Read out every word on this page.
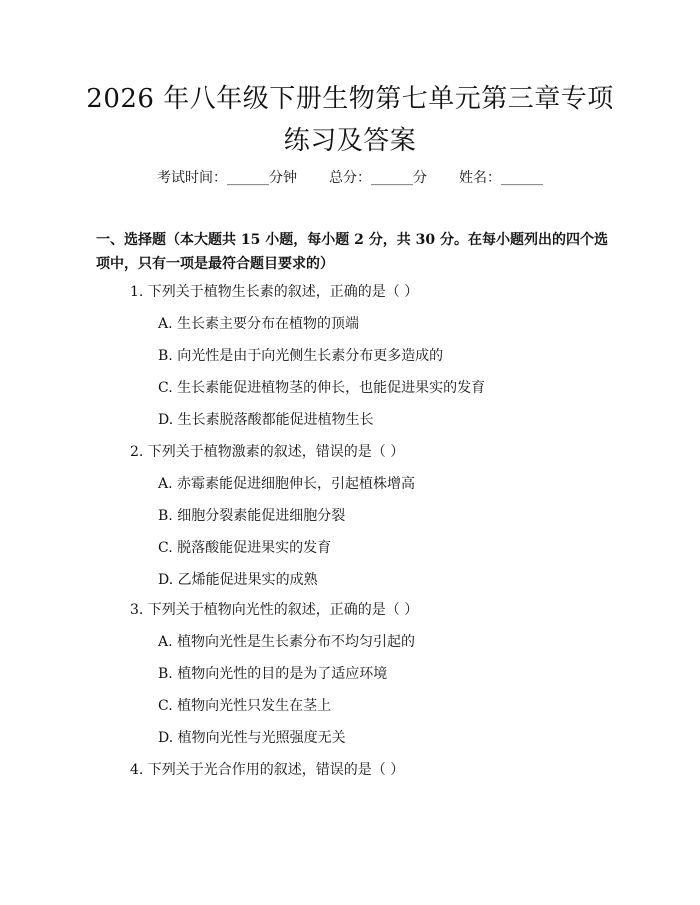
2026 年八年级下册生物第七单元第三章专项
练习及答案
考试时间：______分钟 总分：______分 姓名：______
一、选择题（本大题共 15 小题，每小题 2 分，共 30 分。在每小题列出的四个选项中，只有一项是最符合题目要求的）
1. 下列关于植物生长素的叙述，正确的是（ ）
A. 生长素主要分布在植物的顶端
B. 向光性是由于向光侧生长素分布更多造成的
C. 生长素能促进植物茎的伸长，也能促进果实的发育
D. 生长素脱落酸都能促进植物生长
2. 下列关于植物激素的叙述，错误的是（ ）
A. 赤霉素能促进细胞伸长，引起植株增高
B. 细胞分裂素能促进细胞分裂
C. 脱落酸能促进果实的发育
D. 乙烯能促进果实的成熟
3. 下列关于植物向光性的叙述，正确的是（ ）
A. 植物向光性是生长素分布不均匀引起的
B. 植物向光性的目的是为了适应环境
C. 植物向光性只发生在茎上
D. 植物向光性与光照强度无关
4. 下列关于光合作用的叙述，错误的是（ ）
